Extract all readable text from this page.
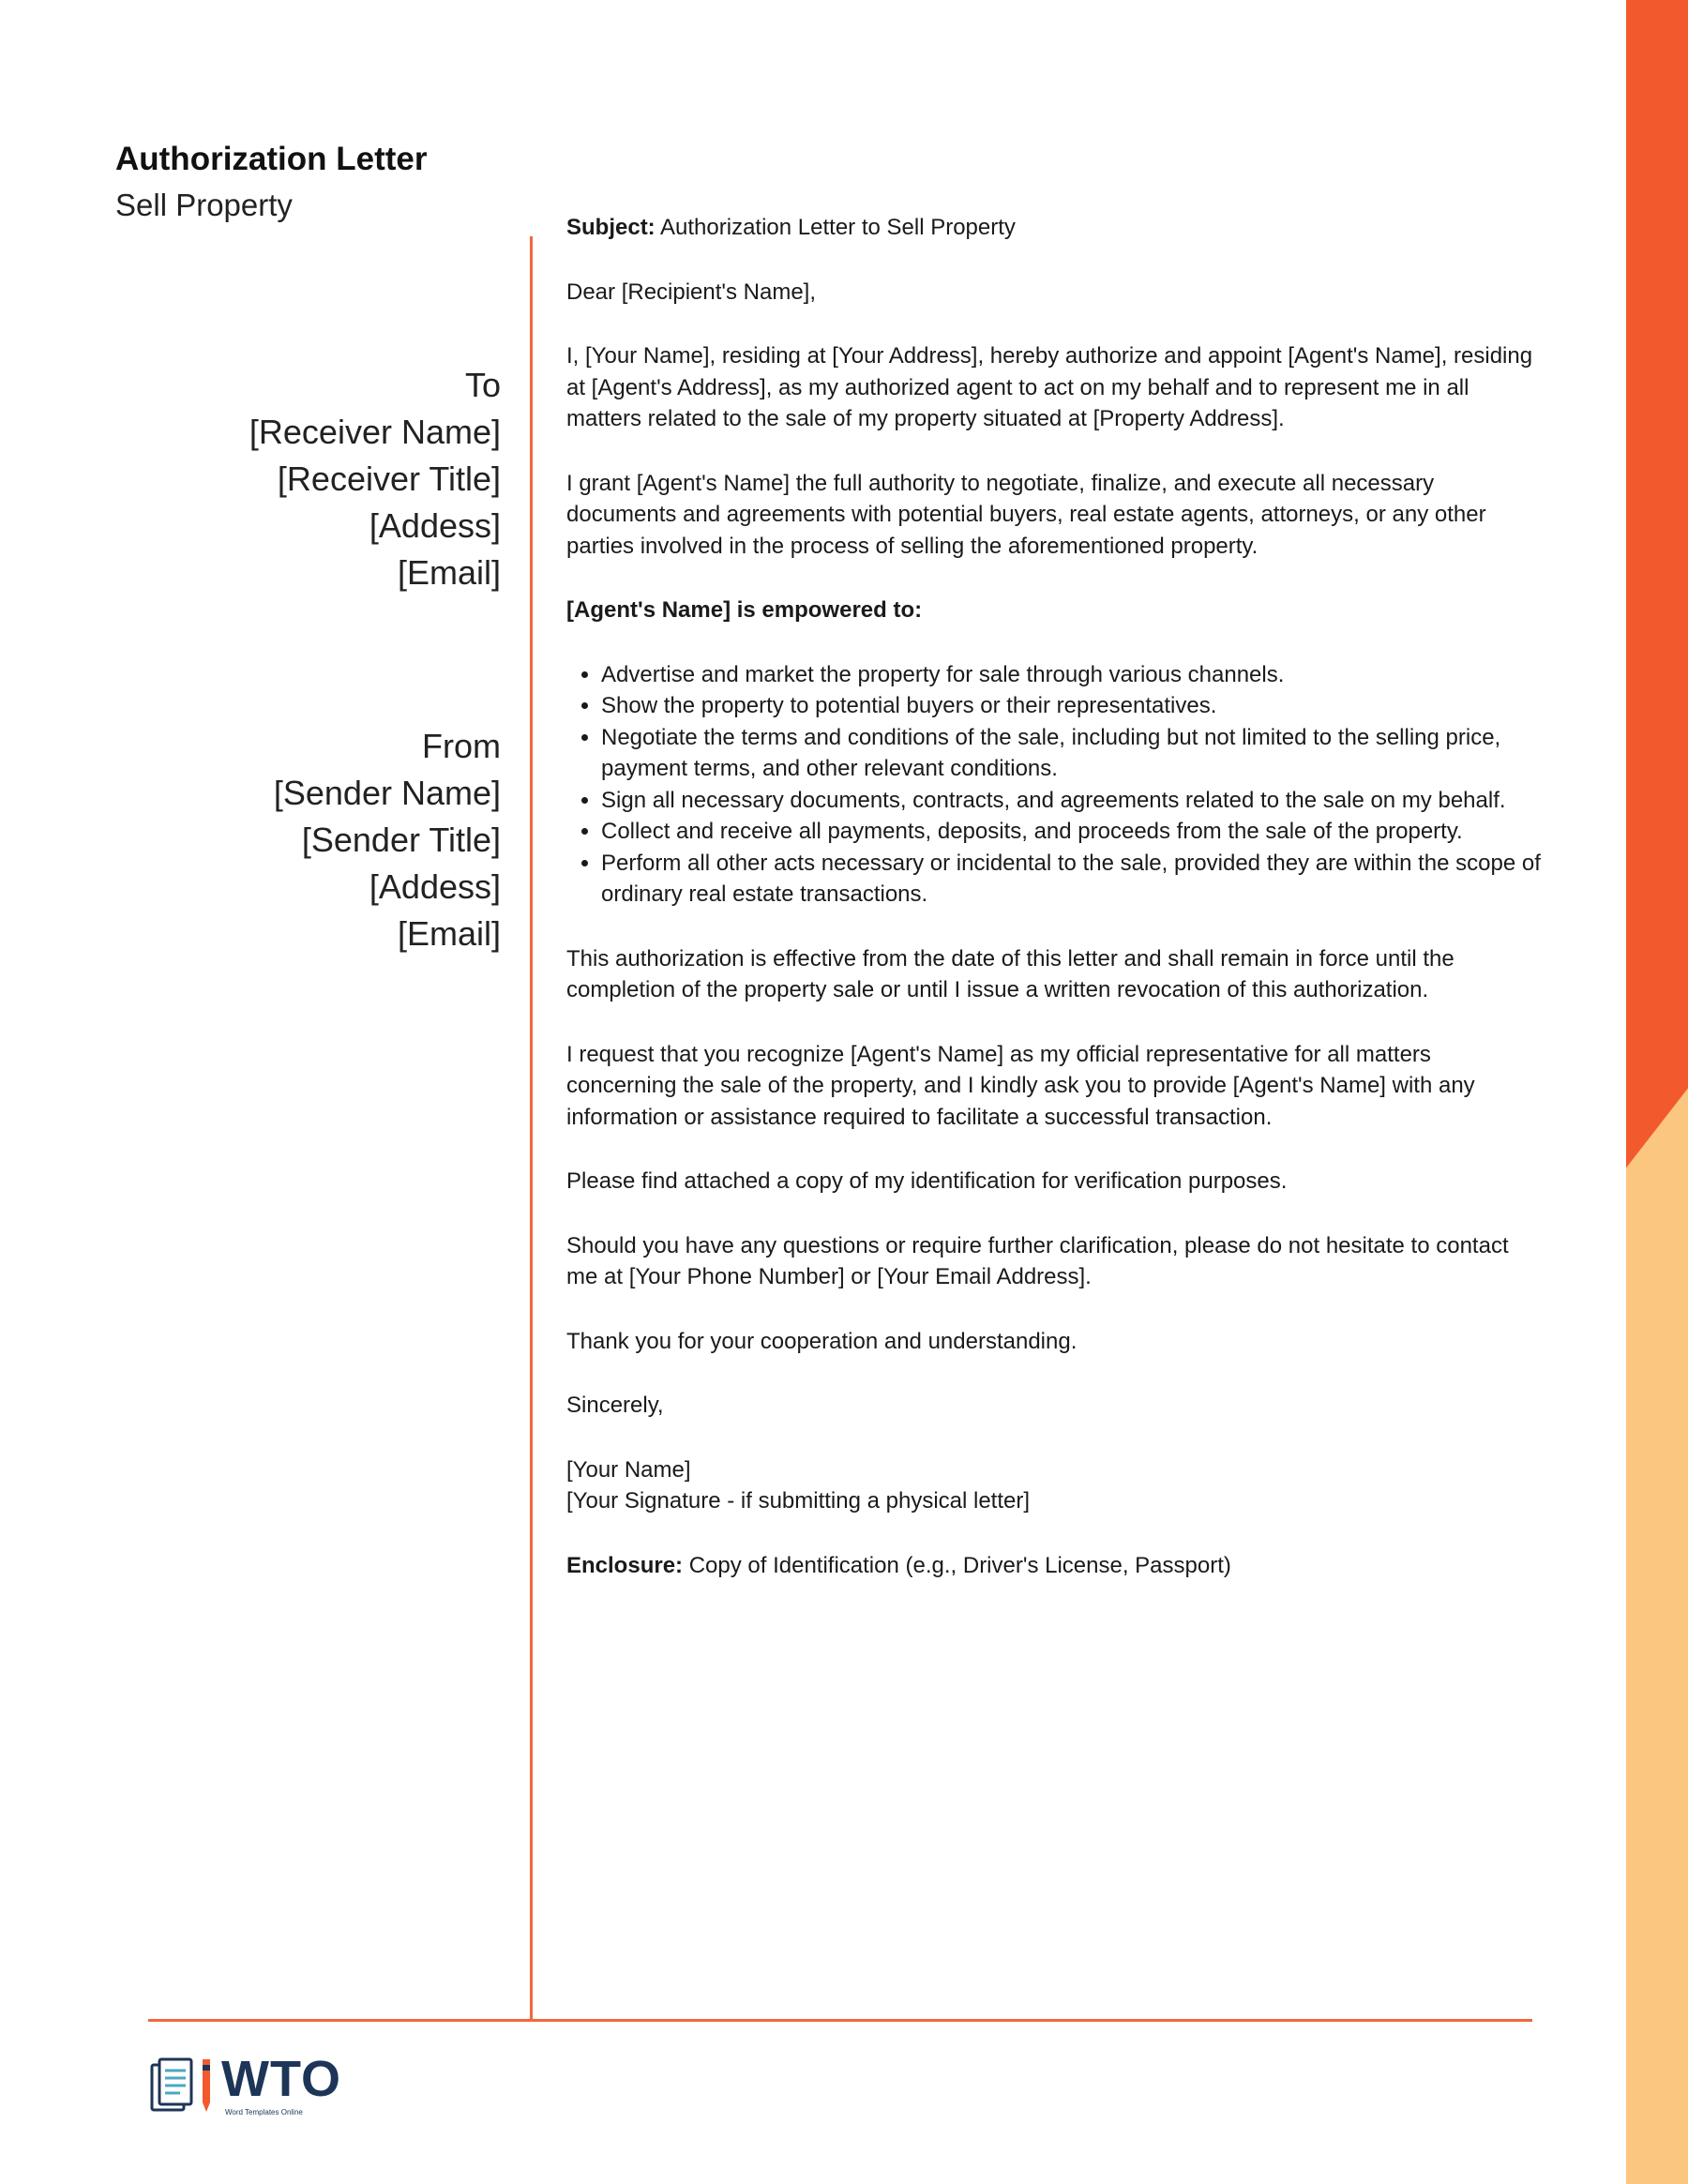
Authorization Letter
Sell Property
To
[Receiver Name]
[Receiver Title]
[Addess]
[Email]
From
[Sender Name]
[Sender Title]
[Addess]
[Email]

Subject: Authorization Letter to Sell Property

Dear [Recipient's Name],

I, [Your Name], residing at [Your Address], hereby authorize and appoint [Agent's Name], residing at [Agent's Address], as my authorized agent to act on my behalf and to represent me in all matters related to the sale of my property situated at [Property Address].

I grant [Agent's Name] the full authority to negotiate, finalize, and execute all necessary documents and agreements with potential buyers, real estate agents, attorneys, or any other parties involved in the process of selling the aforementioned property.

[Agent's Name] is empowered to:

• Advertise and market the property for sale through various channels.
• Show the property to potential buyers or their representatives.
• Negotiate the terms and conditions of the sale, including but not limited to the selling price, payment terms, and other relevant conditions.
• Sign all necessary documents, contracts, and agreements related to the sale on my behalf.
• Collect and receive all payments, deposits, and proceeds from the sale of the property.
• Perform all other acts necessary or incidental to the sale, provided they are within the scope of ordinary real estate transactions.

This authorization is effective from the date of this letter and shall remain in force until the completion of the property sale or until I issue a written revocation of this authorization.

I request that you recognize [Agent's Name] as my official representative for all matters concerning the sale of the property, and I kindly ask you to provide [Agent's Name] with any information or assistance required to facilitate a successful transaction.

Please find attached a copy of my identification for verification purposes.

Should you have any questions or require further clarification, please do not hesitate to contact me at [Your Phone Number] or [Your Email Address].

Thank you for your cooperation and understanding.

Sincerely,

[Your Name]

[Your Signature - if submitting a physical letter]

Enclosure: Copy of Identification (e.g., Driver's License, Passport)

WTO
Word Templates Online
